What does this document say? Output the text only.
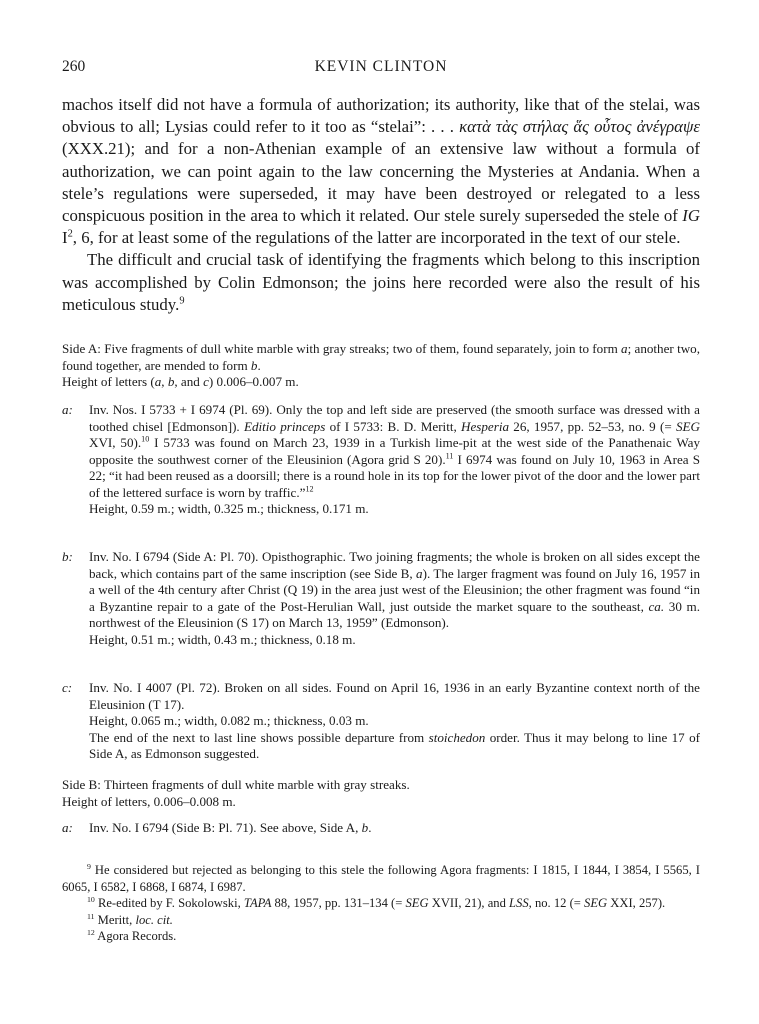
260	KEVIN CLINTON

machos itself did not have a formula of authorization; its authority, like that of the stelai, was obvious to all; Lysias could refer to it too as “stelai”: . . . κατὰ τὰς στήλας ἅς οὗτος ἀνέγραψε (XXX.21); and for a non-Athenian example of an extensive law without a formula of authorization, we can point again to the law concerning the Mysteries at Andania. When a stele’s regulations were superseded, it may have been destroyed or relegated to a less conspicuous position in the area to which it related. Our stele surely superseded the stele of IG $I^2$, 6, for at least some of the regulations of the latter are incorporated in the text of our stele.

The difficult and crucial task of identifying the fragments which belong to this inscription was accomplished by Colin Edmonson; the joins here recorded were also the result of his meticulous study.$^9$

Side A: Five fragments of dull white marble with gray streaks; two of them, found separately, join to form a; another two, found together, are mended to form b.

Height of letters (a, b, and c) 0.006–0.007 m.

a: Inv. Nos. I 5733 + I 6974 (Pl. 69). Only the top and left side are preserved (the smooth surface was dressed with a toothed chisel [Edmonson]). Editio princeps of I 5733: B. D. Meritt, Hesperia 26, 1957, pp. 52–53, no. 9 (= SEG XVI, 50).$^{10}$ I 5733 was found on March 23, 1939 in a Turkish lime-pit at the west side of the Panathenaic Way opposite the southwest corner of the Eleusinion (Agora grid S 20).$^{11}$ I 6974 was found on July 10, 1963 in Area S 22; “it had been reused as a doorsill; there is a round hole in its top for the lower pivot of the door and the lower part of the lettered surface is worn by traffic.”$^{12}$

Height, 0.59 m.; width, 0.325 m.; thickness, 0.171 m.

b: Inv. No. I 6794 (Side A: Pl. 70). Opisthographic. Two joining fragments; the whole is broken on all sides except the back, which contains part of the same inscription (see Side B, a). The larger fragment was found on July 16, 1957 in a well of the 4th century after Christ (Q 19) in the area just west of the Eleusinion; the other fragment was found “in a Byzantine repair to a gate of the Post-Herulian Wall, just outside the market square to the southeast, ca. 30 m. northwest of the Eleusinion (S 17) on March 13, 1959” (Edmonson).

Height, 0.51 m.; width, 0.43 m.; thickness, 0.18 m.

c: Inv. No. I 4007 (Pl. 72). Broken on all sides. Found on April 16, 1936 in an early Byzantine context north of the Eleusinion (T 17).

Height, 0.065 m.; width, 0.082 m.; thickness, 0.03 m.

The end of the next to last line shows possible departure from stoichedon order. Thus it may belong to line 17 of Side A, as Edmonson suggested.

Side B: Thirteen fragments of dull white marble with gray streaks.

Height of letters, 0.006–0.008 m.

a: Inv. No. I 6794 (Side B: Pl. 71). See above, Side A, b.

$^9$ He considered but rejected as belonging to this stele the following Agora fragments: I 1815, I 1844, I 3854, I 5565, I 6065, I 6582, I 6868, I 6874, I 6987.

$^{10}$ Re-edited by F. Sokolowski, TAPA 88, 1957, pp. 131–134 (= SEG XVII, 21), and LSS, no. 12 (= SEG XXI, 257).

$^{11}$ Meritt, loc. cit.

$^{12}$ Agora Records.
